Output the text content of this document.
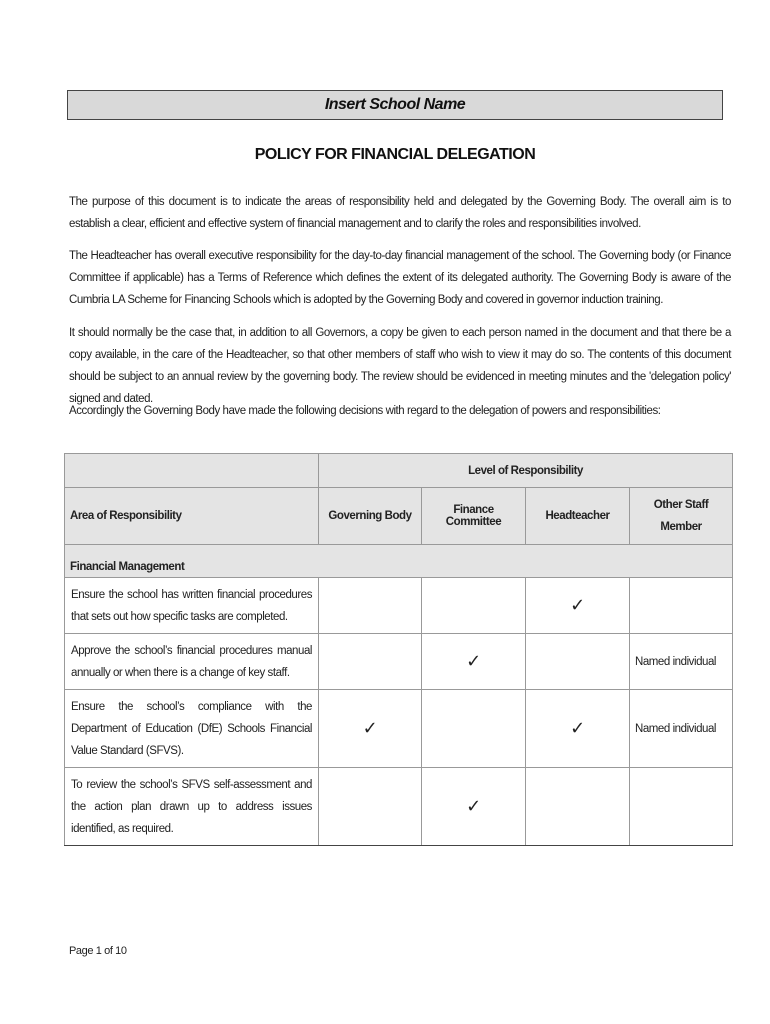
Insert School Name
POLICY FOR FINANCIAL DELEGATION

The purpose of this document is to indicate the areas of responsibility held and delegated by the Governing Body. The overall aim is to establish a clear, efficient and effective system of financial management and to clarify the roles and responsibilities involved.

The Headteacher has overall executive responsibility for the day-to-day financial management of the school. The Governing body (or Finance Committee if applicable) has a Terms of Reference which defines the extent of its delegated authority. The Governing Body is aware of the Cumbria LA Scheme for Financing Schools which is adopted by the Governing Body and covered in governor induction training.

It should normally be the case that, in addition to all Governors, a copy be given to each person named in the document and that there be a copy available, in the care of the Headteacher, so that other members of staff who wish to view it may do so. The contents of this document should be subject to an annual review by the governing body. The review should be evidenced in meeting minutes and the 'delegation policy' signed and dated.

Accordingly the Governing Body have made the following decisions with regard to the delegation of powers and responsibilities:

	Level of Responsibility			
Area of Responsibility	Governing Body	Finance Committee	Headteacher	Other Staff Member
Financial Management				
Ensure the school has written financial procedures that sets out how specific tasks are completed.			✓	
Approve the school’s financial procedures manual annually or when there is a change of key staff.		✓		Named individual
Ensure the school’s compliance with the Department of Education (DfE) Schools Financial Value Standard (SFVS).	✓		✓	Named individual
To review the school’s SFVS self-assessment and the action plan drawn up to address issues identified, as required.		✓		
Page 1 of 10
